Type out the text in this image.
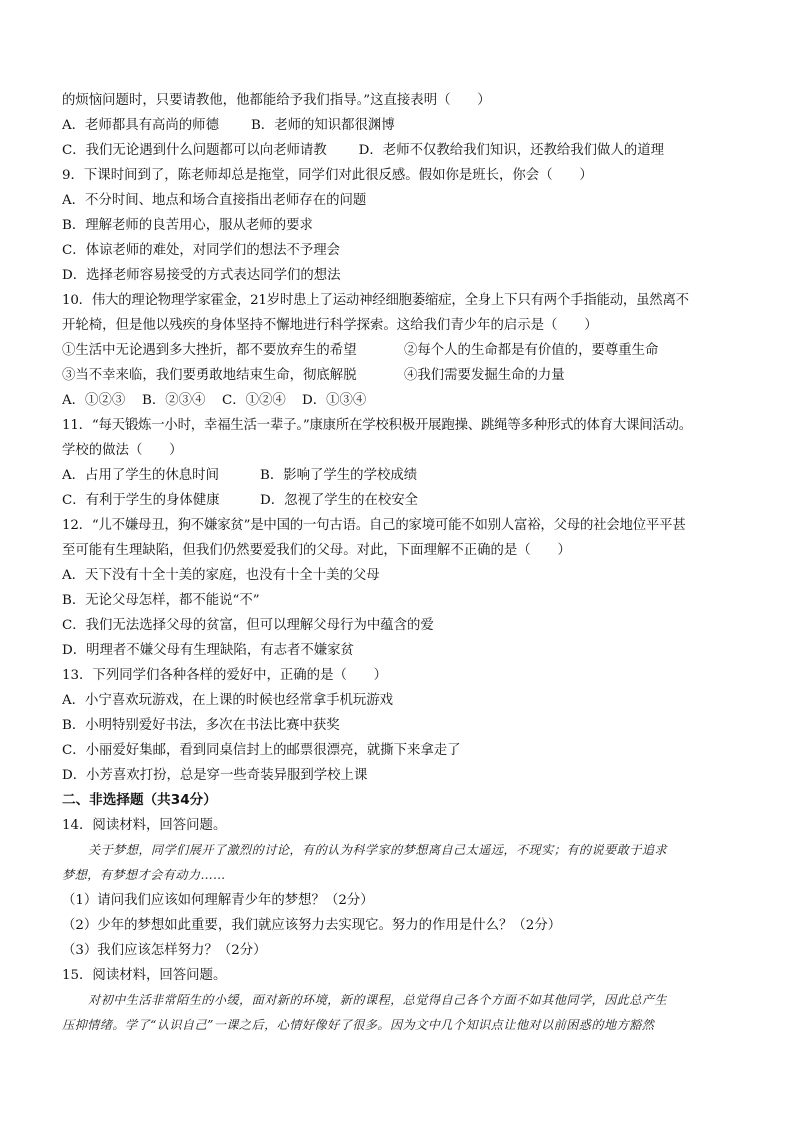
的烦恼问题时，只要请教他，他都能给予我们指导。”这直接表明（　　）
A．老师都具有高尚的师德 B．老师的知识都很渊博
C．我们无论遇到什么问题都可以向老师请教 D．老师不仅教给我们知识，还教给我们做人的道理
9．下课时间到了，陈老师却总是拖堂，同学们对此很反感。假如你是班长，你会（　　）
A．不分时间、地点和场合直接指出老师存在的问题
B．理解老师的良苦用心，服从老师的要求
C．体谅老师的难处，对同学们的想法不予理会
D．选择老师容易接受的方式表达同学们的想法
10．伟大的理论物理学家霍金，21岁时患上了运动神经细胞萎缩症，全身上下只有两个手指能动，虽然离不
开轮椅，但是他以残疾的身体坚持不懈地进行科学探索。这给我们青少年的启示是（　　）
①生活中无论遇到多大挫折，都不要放弃生的希望	②每个人的生命都是有价值的，要尊重生命
③当不幸来临，我们要勇敢地结束生命，彻底解脱	④我们需要发掘生命的力量
A．①②③	B．②③④	C．①②④	D．①③④
11．“每天锻炼一小时，幸福生活一辈子。”康康所在学校积极开展跑操、跳绳等多种形式的体育大课间活动。
学校的做法（　　）
A．占用了学生的休息时间	B．影响了学生的学校成绩
C．有利于学生的身体健康	D．忽视了学生的在校安全
12．“儿不嫌母丑，狗不嫌家贫”是中国的一句古语。自己的家境可能不如别人富裕，父母的社会地位平平甚
至可能有生理缺陷，但我们仍然要爱我们的父母。对此，下面理解不正确的是（　　）
A．天下没有十全十美的家庭，也没有十全十美的父母
B．无论父母怎样，都不能说“不”
C．我们无法选择父母的贫富，但可以理解父母行为中蕴含的爱
D．明理者不嫌父母有生理缺陷，有志者不嫌家贫
13．下列同学们各种各样的爱好中，正确的是（　　）
A．小宁喜欢玩游戏，在上课的时候也经常拿手机玩游戏
B．小明特别爱好书法，多次在书法比赛中获奖
C．小丽爱好集邮，看到同桌信封上的邮票很漂亮，就撕下来拿走了
D．小芳喜欢打扮，总是穿一些奇装异服到学校上课
二、非选择题（共34分）
14．阅读材料，回答问题。
关于梦想，同学们展开了激烈的讨论，有的认为科学家的梦想离自己太遥远，不现实；有的说要敢于追求
梦想，有梦想才会有动力……
（1）请问我们应该如何理解青少年的梦想？（2分）
（2）少年的梦想如此重要，我们就应该努力去实现它。努力的作用是什么？（2分）
（3）我们应该怎样努力？（2分）
15．阅读材料，回答问题。
对初中生活非常陌生的小缓，面对新的环境，新的课程，总觉得自己各个方面不如其他同学，因此总产生
压抑情绪。学了“认识自己”一课之后，心情好像好了很多。因为文中几个知识点让他对以前困惑的地方豁然
